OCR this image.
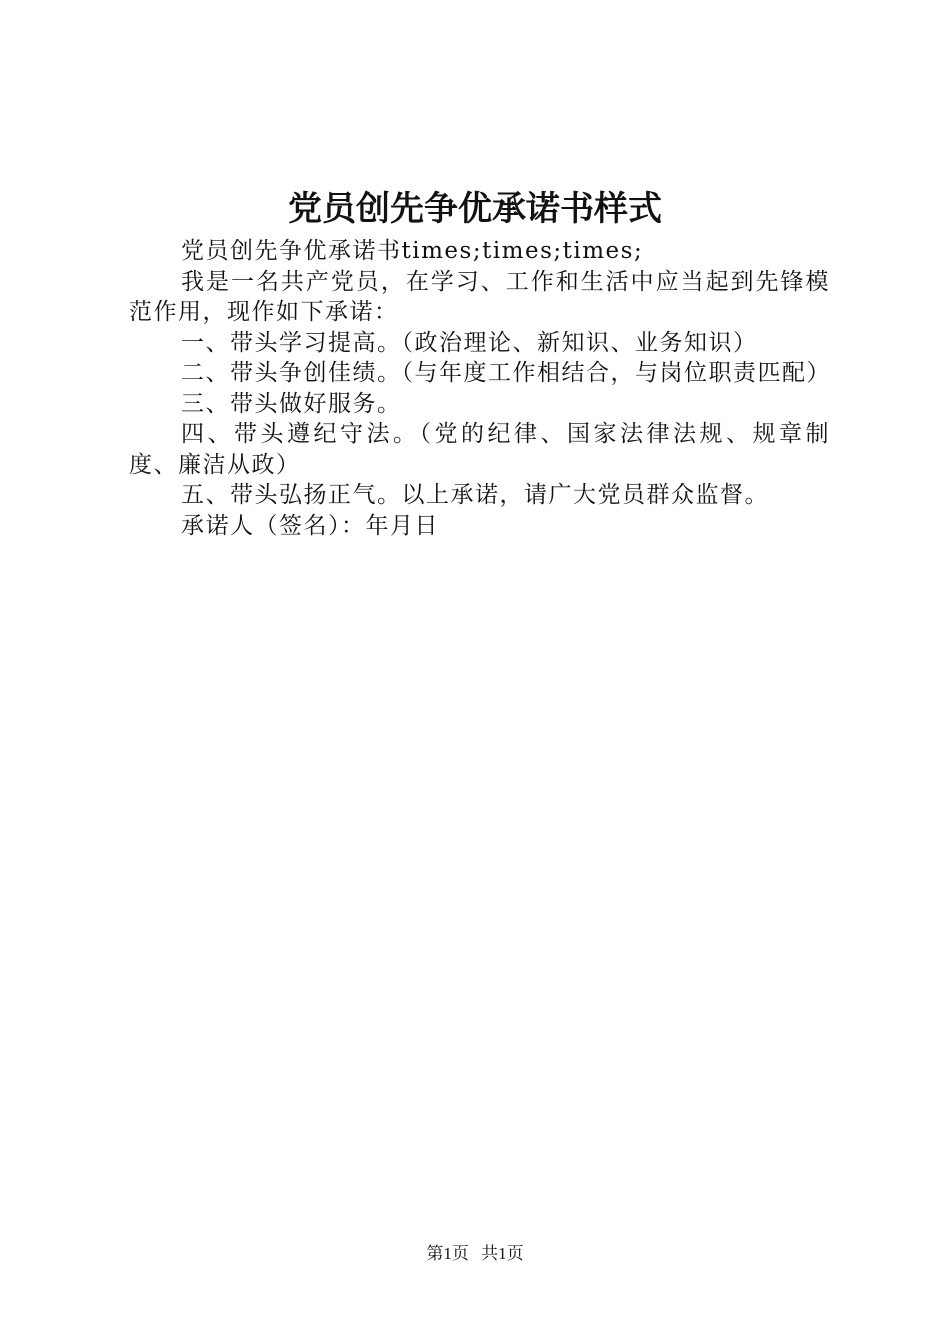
党员创先争优承诺书样式

党员创先争优承诺书times;times;times;

我是一名共产党员，在学习、工作和生活中应当起到先锋模范作用，现作如下承诺：

一、带头学习提高。（政治理论、新知识、业务知识）

二、带头争创佳绩。（与年度工作相结合，与岗位职责匹配）

三、带头做好服务。

四、带头遵纪守法。（党的纪律、国家法律法规、规章制度、廉洁从政）

五、带头弘扬正气。以上承诺，请广大党员群众监督。

承诺人（签名）：年月日

第1页 共1页
